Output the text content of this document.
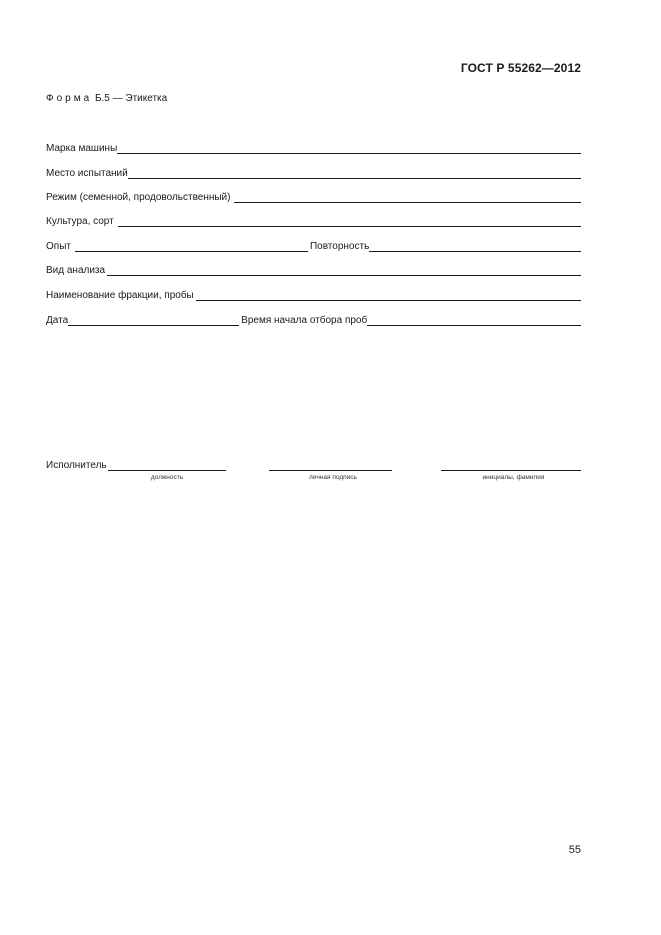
ГОСТ Р 55262—2012
Форма Б.5 — Этикетка
Марка машины
Место испытаний
Режим (семенной, продовольственный)
Культура, сорт
Опыт	Повторность
Вид анализа
Наименование фракции, пробы
Дата	Время начала отбора проб
Исполнитель
должность	личная подпись	инициалы, фамилия
55
